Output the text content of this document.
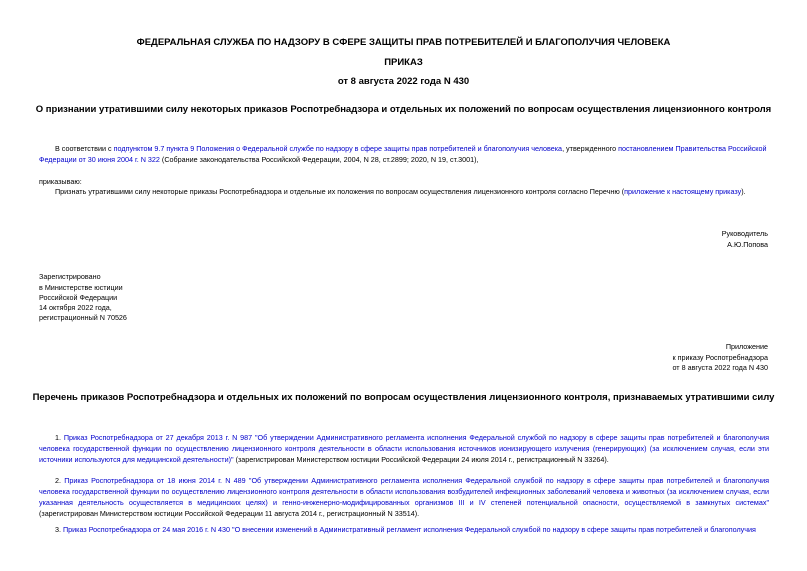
ФЕДЕРАЛЬНАЯ СЛУЖБА ПО НАДЗОРУ В СФЕРЕ ЗАЩИТЫ ПРАВ ПОТРЕБИТЕЛЕЙ И БЛАГОПОЛУЧИЯ ЧЕЛОВЕКА
ПРИКАЗ
от 8 августа 2022 года N 430
О признании утратившими силу некоторых приказов Роспотребнадзора и отдельных их положений по вопросам осуществления лицензионного контроля
В соответствии с подпунктом 9.7 пункта 9 Положения о Федеральной службе по надзору в сфере защиты прав потребителей и благополучия человека, утвержденного постановлением Правительства Российской Федерации от 30 июня 2004 г. N 322 (Собрание законодательства Российской Федерации, 2004, N 28, ст.2899; 2020, N 19, ст.3001),
приказываю:
Признать утратившими силу некоторые приказы Роспотребнадзора и отдельные их положения по вопросам осуществления лицензионного контроля согласно Перечню (приложение к настоящему приказу).
Руководитель
А.Ю.Попова
Зарегистрировано
в Министерстве юстиции
Российской Федерации
14 октября 2022 года,
регистрационный N 70526
Приложение
к приказу Роспотребнадзора
от 8 августа 2022 года N 430
Перечень приказов Роспотребнадзора и отдельных их положений по вопросам осуществления лицензионного контроля, признаваемых утратившими силу
1. Приказ Роспотребнадзора от 27 декабря 2013 г. N 987 "Об утверждении Административного регламента исполнения Федеральной службой по надзору в сфере защиты прав потребителей и благополучия человека государственной функции по осуществлению лицензионного контроля деятельности в области использования источников ионизирующего излучения (генерирующих) (за исключением случая, если эти источники используются для медицинской деятельности)" (зарегистрирован Министерством юстиции Российской Федерации 24 июля 2014 г., регистрационный N 33264).
2. Приказ Роспотребнадзора от 18 июня 2014 г. N 489 "Об утверждении Административного регламента исполнения Федеральной службой по надзору в сфере защиты прав потребителей и благополучия человека государственной функции по осуществлению лицензионного контроля деятельности в области использования возбудителей инфекционных заболеваний человека и животных (за исключением случая, если указанная деятельность осуществляется в медицинских целях) и генно-инженерно-модифицированных организмов III и IV степеней потенциальной опасности, осуществляемой в замкнутых системах" (зарегистрирован Министерством юстиции Российской Федерации 11 августа 2014 г., регистрационный N 33514).
3. Приказ Роспотребнадзора от 24 мая 2016 г. N 430 "О внесении изменений в Административный регламент исполнения Федеральной службой по надзору в сфере защиты прав потребителей и благополучия
